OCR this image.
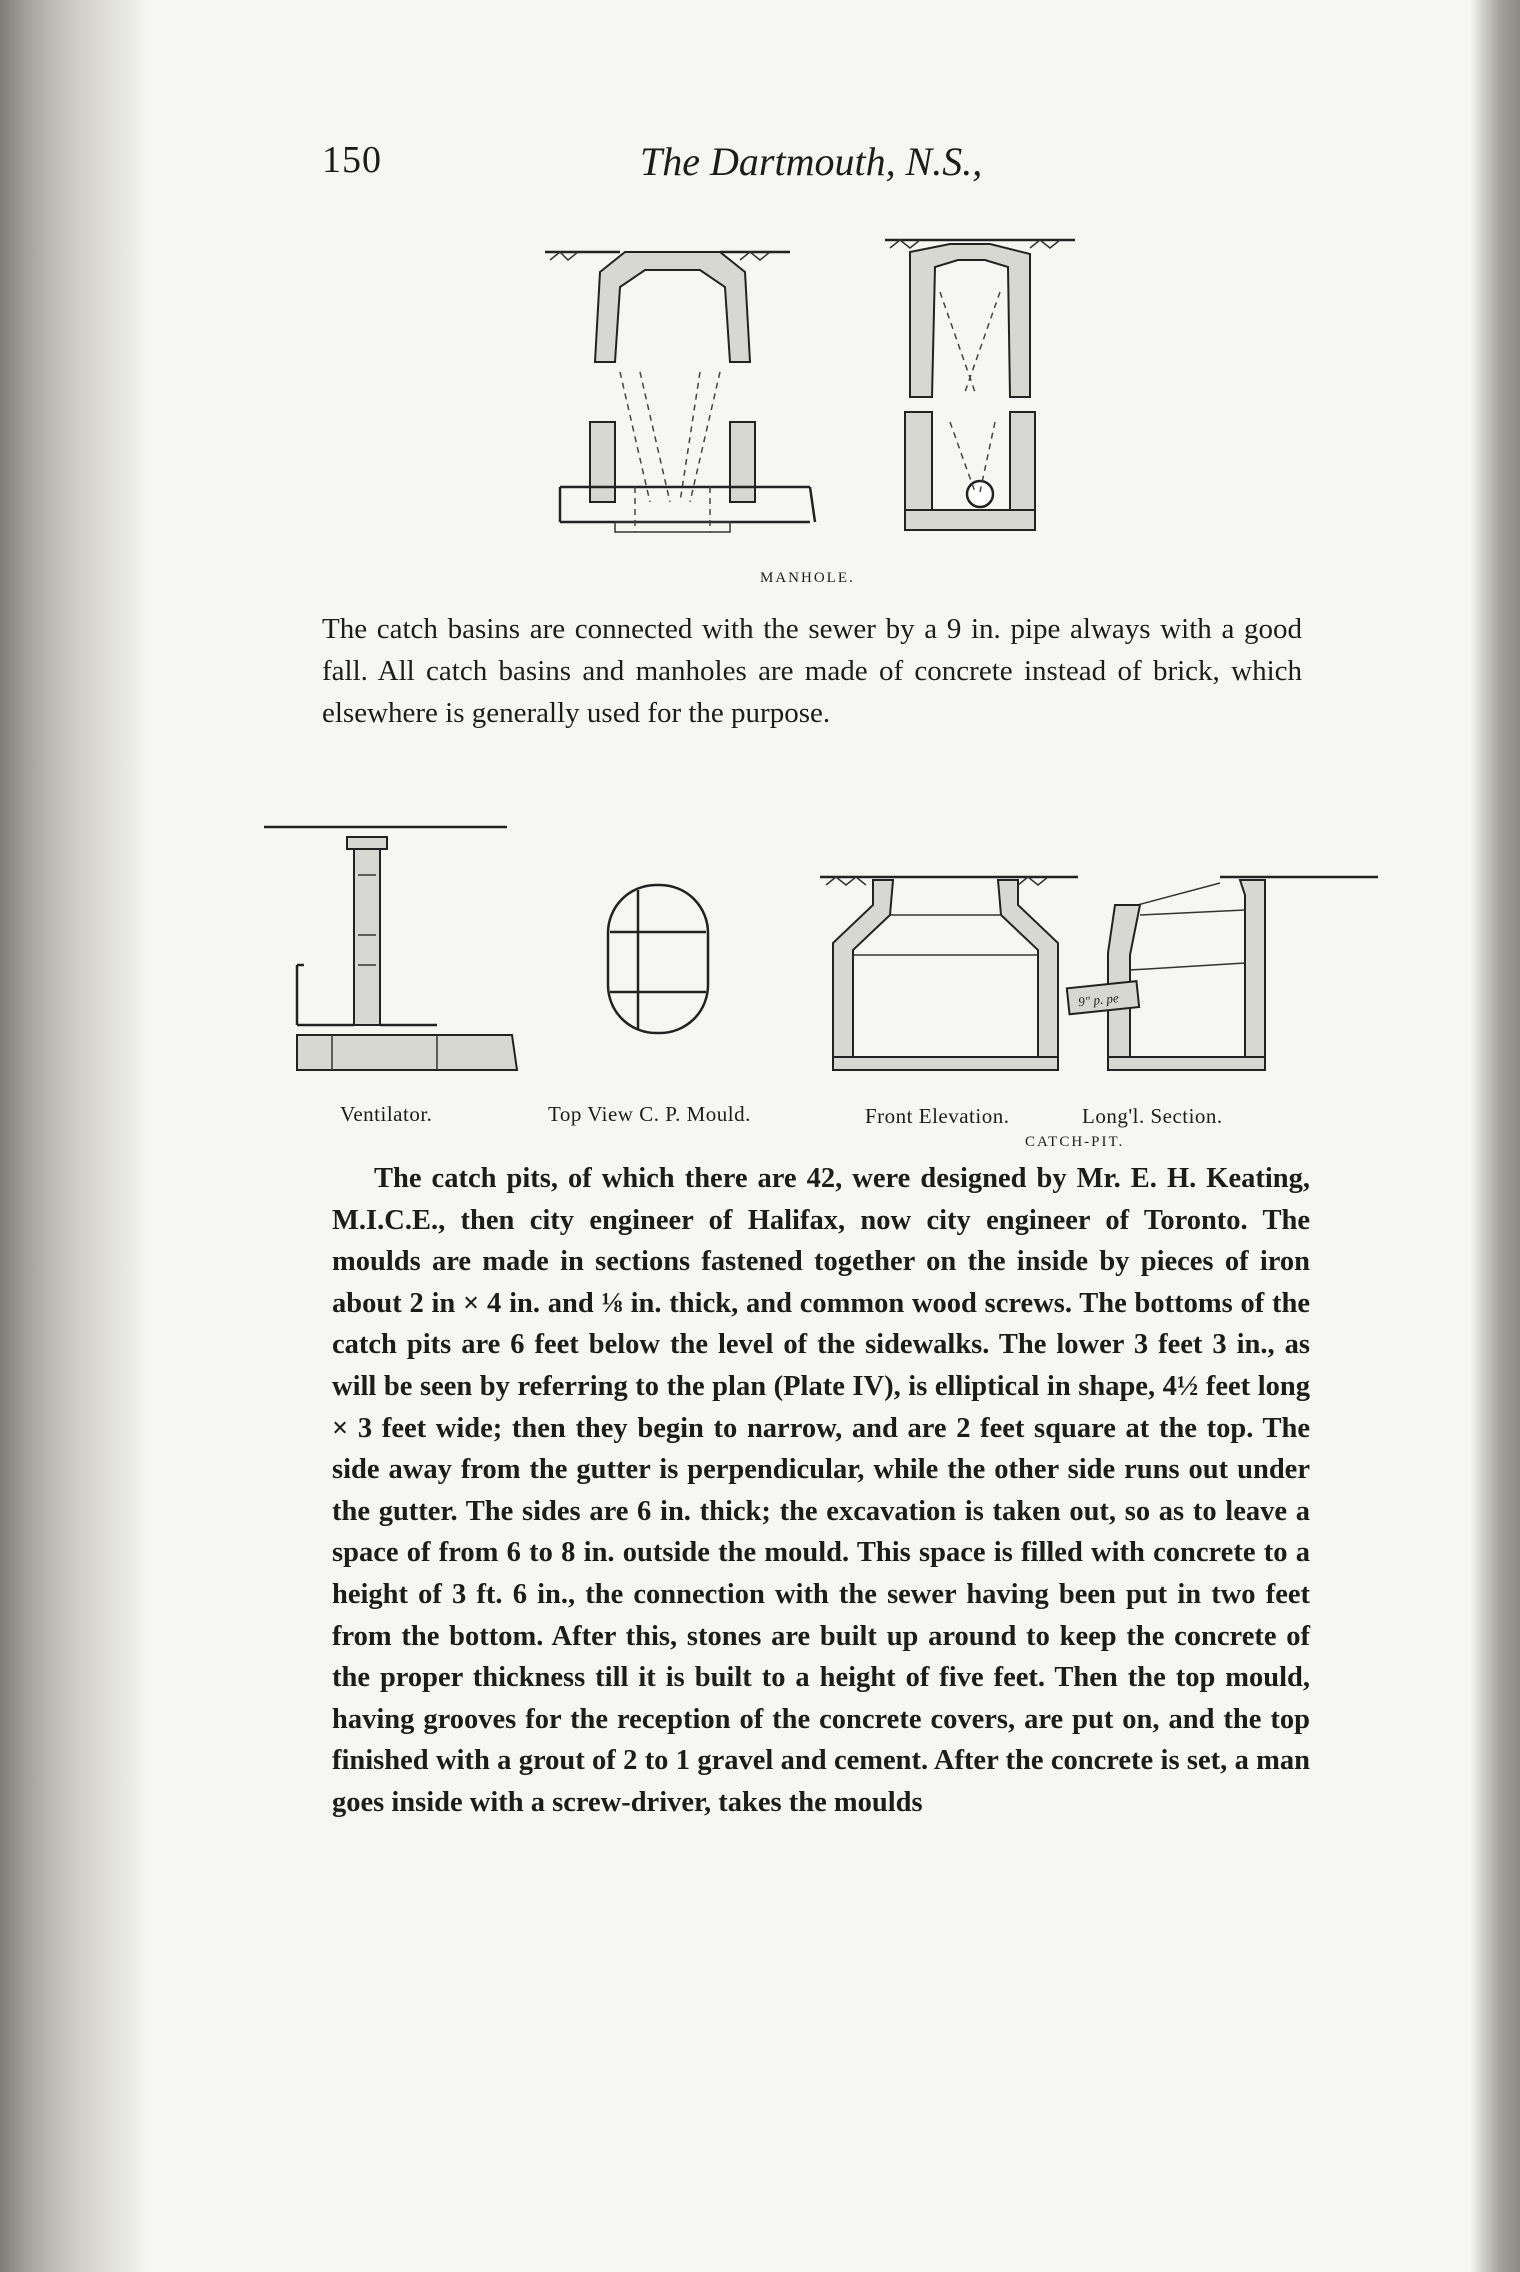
150	The Dartmouth, N.S.,
MANHOLE.

The catch basins are connected with the sewer by a 9 in. pipe always with a good fall. All catch basins and manholes are made of concrete instead of brick, which elsewhere is generally used for the purpose.

9" p. pe
Ventilator.	Top View C. P. Mould.	Front Elevation.	Long'l. Section.
CATCH-PIT.

The catch pits, of which there are 42, were designed by Mr. E. H. Keating, M.I.C.E., then city engineer of Halifax, now city engineer of Toronto. The moulds are made in sections fastened together on the inside by pieces of iron about 2 in × 4 in. and ⅛ in. thick, and common wood screws. The bottoms of the catch pits are 6 feet below the level of the sidewalks. The lower 3 feet 3 in., as will be seen by referring to the plan (Plate IV), is elliptical in shape, 4½ feet long × 3 feet wide; then they begin to narrow, and are 2 feet square at the top. The side away from the gutter is perpendicular, while the other side runs out under the gutter. The sides are 6 in. thick; the excavation is taken out, so as to leave a space of from 6 to 8 in. outside the mould. This space is filled with concrete to a height of 3 ft. 6 in., the connection with the sewer having been put in two feet from the bottom. After this, stones are built up around to keep the concrete of the proper thickness till it is built to a height of five feet. Then the top mould, having grooves for the reception of the concrete covers, are put on, and the top finished with a grout of 2 to 1 gravel and cement. After the concrete is set, a man goes inside with a screw-driver, takes the moulds
